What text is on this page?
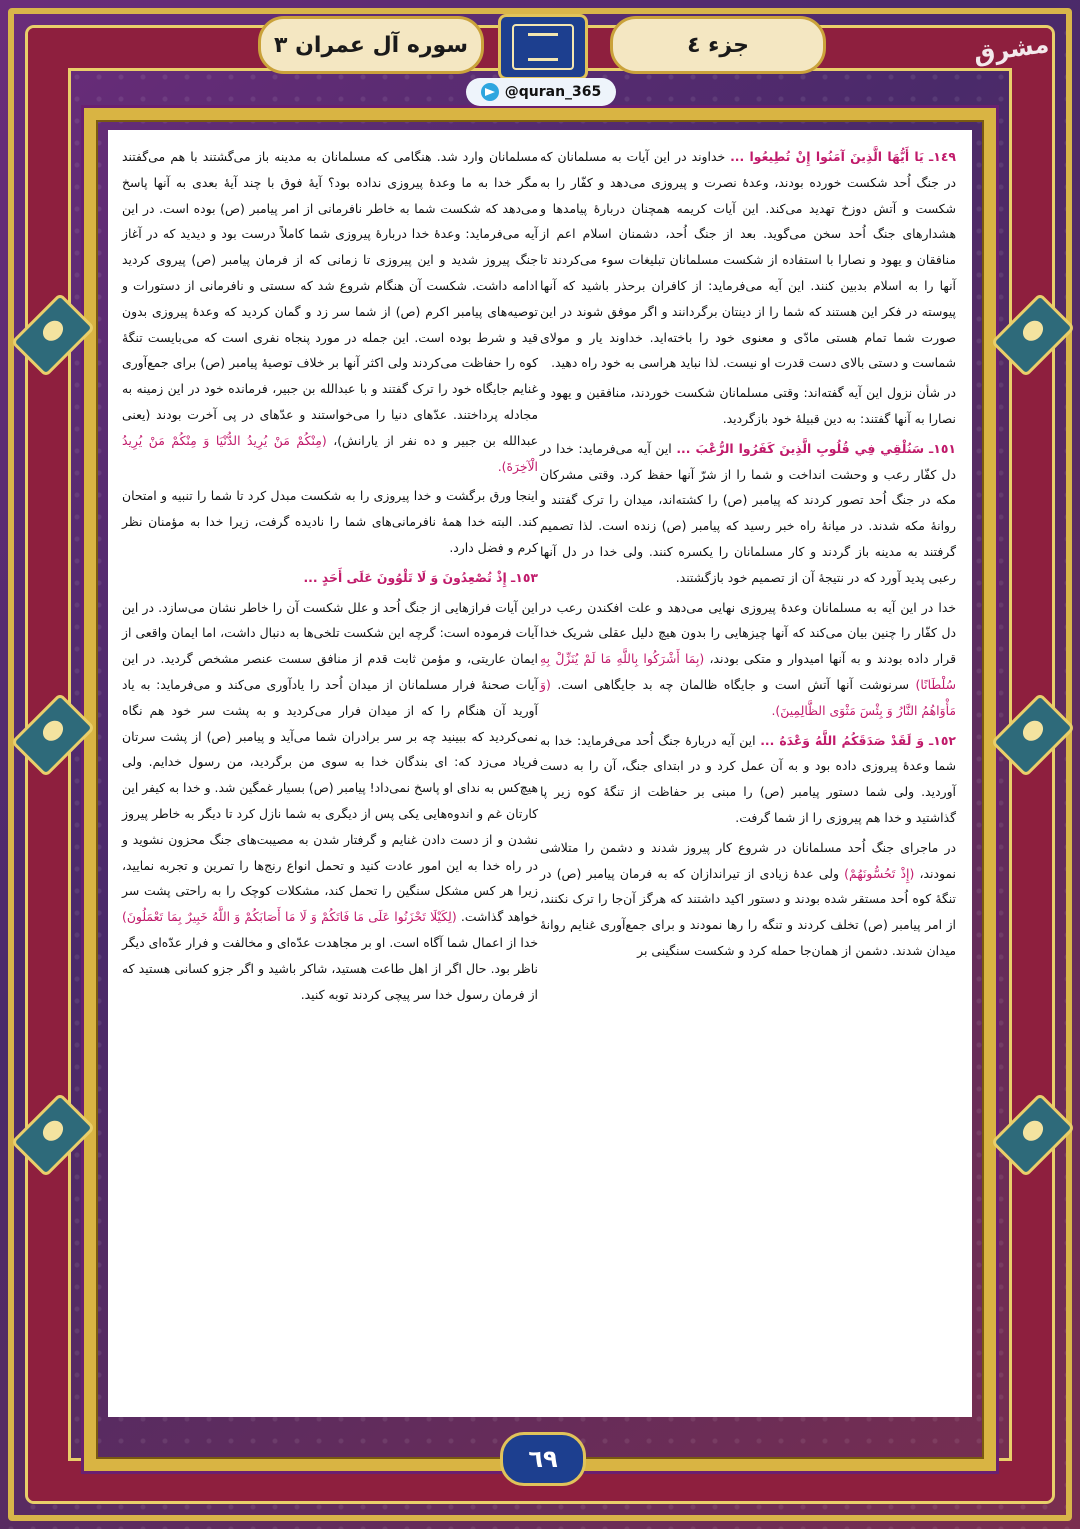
جزء ٤
سوره آل عمران ٣	مشرق
@quran_365

١٤٩ـ يَا أَيُّهَا الَّذِينَ آمَنُوا إِنْ تُطِيعُوا ... خداوند در این آیات به مسلمانان که در جنگ اُحد شکست خورده بودند، وعدهٔ نصرت و پیروزی می‌دهد و کفّار را به شکست و آتش دوزخ تهدید می‌کند. این آیات کریمه همچنان دربارهٔ پیامدها و هشدارهای جنگ اُحد سخن می‌گوید. بعد از جنگ اُحد، دشمنان اسلام اعم از منافقان و یهود و نصارا با استفاده از شکست مسلمانان تبلیغات سوء می‌کردند تا آنها را به اسلام بدبین کنند. این آیه می‌فرماید: از کافران برحذر باشید که آنها پیوسته در فکر این هستند که شما را از دینتان برگردانند و اگر موفق شوند در این صورت شما تمام هستی مادّی و معنوی خود را باخته‌اید. خداوند یار و مولای شماست و دستی بالای دست قدرت او نیست. لذا نباید هراسی به خود راه دهید.

در شأن نزول این آیه گفته‌اند: وقتی مسلمانان شکست خوردند، منافقین و یهود و نصارا به آنها گفتند: به دین قبیلهٔ خود بازگردید.

١٥١ـ سَنُلْقِي فِي قُلُوبِ الَّذِينَ كَفَرُوا الرُّعْبَ ... این آیه می‌فرماید: خدا در دل کفّار رعب و وحشت انداخت و شما را از شرّ آنها حفظ کرد. وقتی مشرکان مکه در جنگ اُحد تصور کردند که پیامبر (ص) را کشته‌اند، میدان را ترک گفتند و روانهٔ مکه شدند. در میانهٔ راه خبر رسید که پیامبر (ص) زنده است. لذا تصمیم گرفتند به مدینه باز گردند و کار مسلمانان را یکسره کنند. ولی خدا در دل آنها رعبی پدید آورد که در نتیجهٔ آن از تصمیم خود بازگشتند.

خدا در این آیه به مسلمانان وعدهٔ پیروزی نهایی می‌دهد و علت افکندن رعب در دل کفّار را چنین بیان می‌کند که آنها چیزهایی را بدون هیچ دلیل عقلی شریک خدا قرار داده بودند و به آنها امیدوار و متکی بودند، (بِمَا أَشْرَكُوا بِاللَّهِ مَا لَمْ يُنَزِّلْ بِهِ سُلْطَانًا) سرنوشت آنها آتش است و جایگاه ظالمان چه بد جایگاهی است. (وَ مَأْوَاهُمُ النَّارُ وَ بِئْسَ مَثْوَى الظَّالِمِينَ).

١٥٢ـ وَ لَقَدْ صَدَقَكُمُ اللَّهُ وَعْدَهُ ... این آیه دربارهٔ جنگ اُحد می‌فرماید: خدا به شما وعدهٔ پیروزی داده بود و به آن عمل کرد و در ابتدای جنگ، آن را به دست آوردید. ولی شما دستور پیامبر (ص) را مبنی بر حفاظت از تنگهٔ کوه زیر پا گذاشتید و خدا هم پیروزی را از شما گرفت.

در ماجرای جنگ اُحد مسلمانان در شروع کار پیروز شدند و دشمن را متلاشی نمودند، (إِذْ تَحُسُّونَهُمْ) ولی عدهٔ زیادی از تیراندازان که به فرمان پیامبر (ص) در تنگهٔ کوه اُحد مستقر شده بودند و دستور اکید داشتند که هرگز آن‌جا را ترک نکنند، از امر پیامبر (ص) تخلف کردند و تنگه را رها نمودند و برای جمع‌آوری غنایم روانهٔ میدان شدند. دشمن از همان‌جا حمله کرد و شکست سنگینی بر

مسلمانان وارد شد. هنگامی که مسلمانان به مدینه باز می‌گشتند با هم می‌گفتند مگر خدا به ما وعدهٔ پیروزی نداده بود؟ آیهٔ فوق با چند آیهٔ بعدی به آنها پاسخ می‌دهد که شکست شما به خاطر نافرمانی از امر پیامبر (ص) بوده است. در این آیه می‌فرماید: وعدهٔ خدا دربارهٔ پیروزی شما کاملاً درست بود و دیدید که در آغاز جنگ پیروز شدید و این پیروزی تا زمانی که از فرمان پیامبر (ص) پیروی کردید ادامه داشت. شکست آن هنگام شروع شد که سستی و نافرمانی از دستورات و توصیه‌های پیامبر اکرم (ص) از شما سر زد و گمان کردید که وعدهٔ پیروزی بدون قید و شرط بوده است. این جمله در مورد پنجاه نفری است که می‌بایست تنگهٔ کوه را حفاظت می‌کردند ولی اکثر آنها بر خلاف توصیهٔ پیامبر (ص) برای جمع‌آوری غنایم جایگاه خود را ترک گفتند و با عبدالله بن جبیر، فرمانده خود در این زمینه به مجادله پرداختند. عدّهای دنیا را می‌خواستند و عدّهای در پی آخرت بودند (یعنی عبدالله بن جبیر و ده نفر از یارانش)، (مِنْكُمْ مَنْ يُرِيدُ الدُّنْيَا وَ مِنْكُمْ مَنْ يُرِيدُ الْآخِرَةَ).

اینجا ورق برگشت و خدا پیروزی را به شکست مبدل کرد تا شما را تنبیه و امتحان کند. البته خدا همهٔ نافرمانی‌های شما را نادیده گرفت، زیرا خدا به مؤمنان نظر کرم و فضل دارد.

١٥٣ـ إِذْ تُصْعِدُونَ وَ لَا تَلْوُونَ عَلَى أَحَدٍ ...

این آیات فرازهایی از جنگ اُحد و علل شکست آن را خاطر نشان می‌سازد. در این آیات فرموده است: گرچه این شکست تلخی‌ها به دنبال داشت، اما ایمان واقعی از ایمان عاریتی، و مؤمن ثابت قدم از منافق سست عنصر مشخص گردید. در این آیات صحنهٔ فرار مسلمانان از میدان اُحد را یادآوری می‌کند و می‌فرماید: به یاد آورید آن هنگام را که از میدان فرار می‌کردید و به پشت سر خود هم نگاه نمی‌کردید که ببینید چه بر سر برادران شما می‌آید و پیامبر (ص) از پشت سرتان فریاد می‌زد که: ای بندگان خدا به سوی من برگردید، من رسول خدایم. ولی هیچ‌کس به ندای او پاسخ نمی‌داد! پیامبر (ص) بسیار غمگین شد. و خدا به کیفر این کارتان غم و اندوه‌هایی یکی پس از دیگری به شما نازل کرد تا دیگر به خاطر پیروز نشدن و از دست دادن غنایم و گرفتار شدن به مصیبت‌های جنگ محزون نشوید و در راه خدا به این امور عادت کنید و تحمل انواع رنج‌ها را تمرین و تجربه نمایید، زیرا هر کس مشکل سنگین را تحمل کند، مشکلات کوچک را به راحتی پشت سر خواهد گذاشت. (لِكَيْلَا تَحْزَنُوا عَلَى مَا فَاتَكُمْ وَ لَا مَا أَصَابَكُمْ وَ اللَّهُ خَبِيرٌ بِمَا تَعْمَلُونَ) خدا از اعمال شما آگاه است. او بر مجاهدت عدّه‌ای و مخالفت و فرار عدّه‌ای دیگر ناظر بود. حال اگر از اهل طاعت هستید، شاکر باشید و اگر جزو کسانی هستید که از فرمان رسول خدا سر پیچی کردند توبه کنید.

٦٩
